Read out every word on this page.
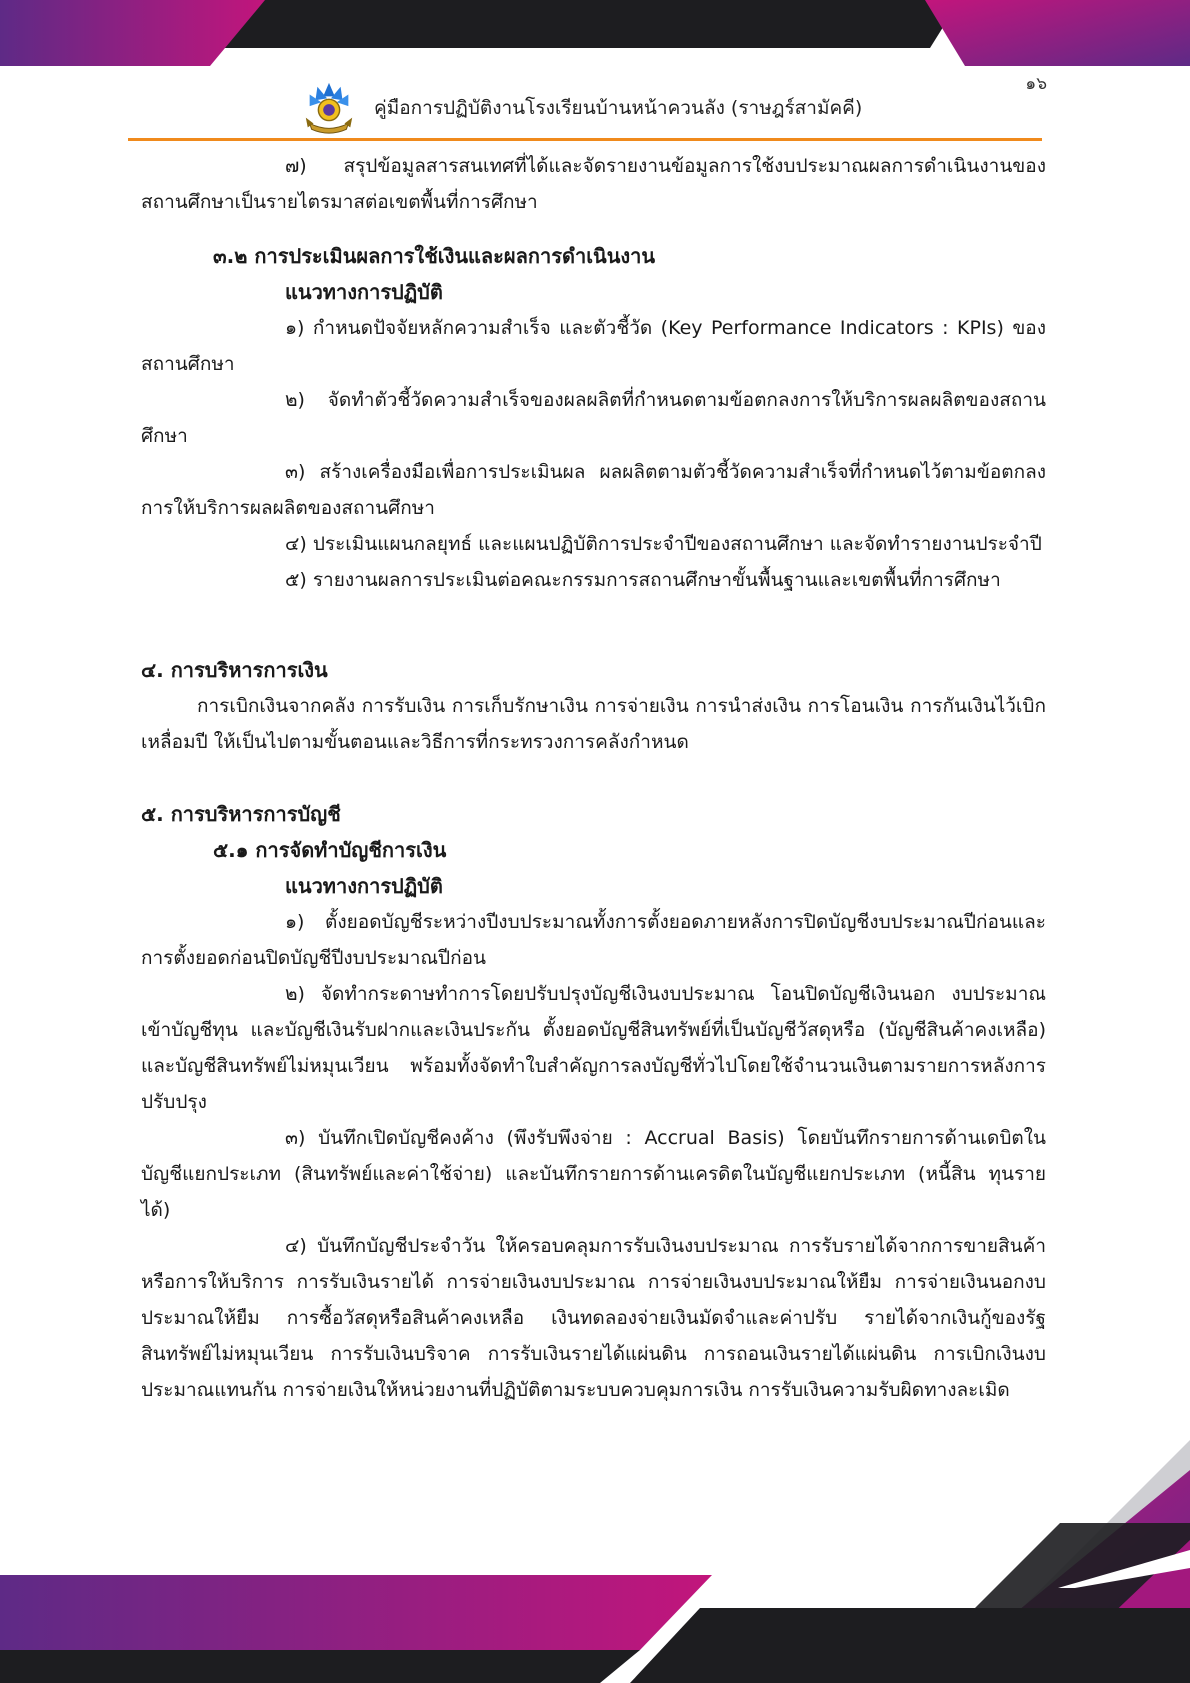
๑๖
คู่มือการปฏิบัติงานโรงเรียนบ้านหน้าควนลัง (ราษฎร์สามัคคี)

๗) สรุปข้อมูลสารสนเทศที่ได้และจัดรายงานข้อมูลการใช้งบประมาณผลการดำเนินงานของสถานศึกษาเป็นรายไตรมาสต่อเขตพื้นที่การศึกษา

๓.๒ การประเมินผลการใช้เงินและผลการดำเนินงาน

แนวทางการปฏิบัติ

๑) กำหนดปัจจัยหลักความสำเร็จ และตัวชี้วัด (Key Performance Indicators : KPIs) ของสถานศึกษา

๒) จัดทำตัวชี้วัดความสำเร็จของผลผลิตที่กำหนดตามข้อตกลงการให้บริการผลผลิตของสถานศึกษา

๓) สร้างเครื่องมือเพื่อการประเมินผล ผลผลิตตามตัวชี้วัดความสำเร็จที่กำหนดไว้ตามข้อตกลงการให้บริการผลผลิตของสถานศึกษา

๔) ประเมินแผนกลยุทธ์ และแผนปฏิบัติการประจำปีของสถานศึกษา และจัดทำรายงานประจำปี

๕) รายงานผลการประเมินต่อคณะกรรมการสถานศึกษาขั้นพื้นฐานและเขตพื้นที่การศึกษา

๔. การบริหารการเงิน

การเบิกเงินจากคลัง การรับเงิน การเก็บรักษาเงิน การจ่ายเงิน การนำส่งเงิน การโอนเงิน การกันเงินไว้เบิกเหลื่อมปี ให้เป็นไปตามขั้นตอนและวิธีการที่กระทรวงการคลังกำหนด

๕. การบริหารการบัญชี

๕.๑ การจัดทำบัญชีการเงิน

แนวทางการปฏิบัติ

๑) ตั้งยอดบัญชีระหว่างปีงบประมาณทั้งการตั้งยอดภายหลังการปิดบัญชีงบประมาณปีก่อนและการตั้งยอดก่อนปิดบัญชีปีงบประมาณปีก่อน

๒) จัดทำกระดาษทำการโดยปรับปรุงบัญชีเงินงบประมาณ โอนปิดบัญชีเงินนอก งบประมาณเข้าบัญชีทุน และบัญชีเงินรับฝากและเงินประกัน ตั้งยอดบัญชีสินทรัพย์ที่เป็นบัญชีวัสดุหรือ (บัญชีสินค้าคงเหลือ) และบัญชีสินทรัพย์ไม่หมุนเวียน พร้อมทั้งจัดทำใบสำคัญการลงบัญชีทั่วไปโดยใช้จำนวนเงินตามรายการหลังการปรับปรุง

๓) บันทึกเปิดบัญชีคงค้าง (พึงรับพึงจ่าย : Accrual Basis) โดยบันทึกรายการด้านเดบิตในบัญชีแยกประเภท (สินทรัพย์และค่าใช้จ่าย) และบันทึกรายการด้านเครดิตในบัญชีแยกประเภท (หนี้สิน ทุนรายได้)

๔) บันทึกบัญชีประจำวัน ให้ครอบคลุมการรับเงินงบประมาณ การรับรายได้จากการขายสินค้าหรือการให้บริการ การรับเงินรายได้ การจ่ายเงินงบประมาณ การจ่ายเงินงบประมาณให้ยืม การจ่ายเงินนอกงบประมาณให้ยืม การซื้อวัสดุหรือสินค้าคงเหลือ เงินทดลองจ่ายเงินมัดจำและค่าปรับ รายได้จากเงินกู้ของรัฐ สินทรัพย์ไม่หมุนเวียน การรับเงินบริจาค การรับเงินรายได้แผ่นดิน การถอนเงินรายได้แผ่นดิน การเบิกเงินงบประมาณแทนกัน การจ่ายเงินให้หน่วยงานที่ปฏิบัติตามระบบควบคุมการเงิน การรับเงินความรับผิดทางละเมิด
